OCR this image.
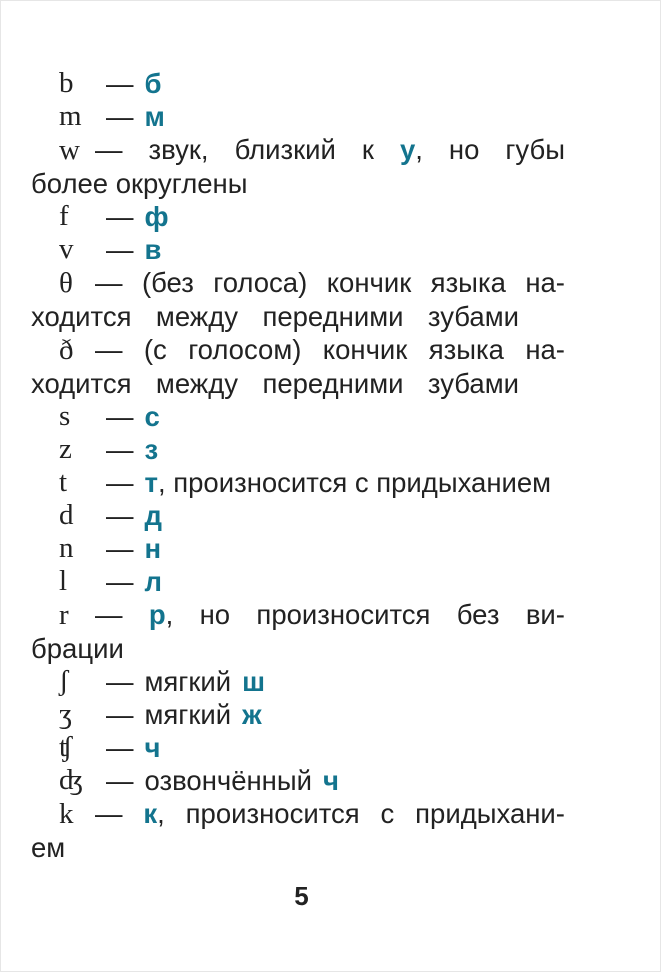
b	— б
m — м
w — звук, близкий к у, но губы
более округлены
f	— ф
v	— в
θ — (без голоса) кончик языка на-
ходится между передними зубами
ð — (с голосом) кончик языка на-
ходится между передними зубами
s	— с
z	— з
t	— т, произносится с придыханием
d	— д
n	— н
l	— л
r — р, но произносится без ви-
брации
ʃ	— мягкий ш
ʒ	— мягкий ж
ʧ	— ч
ʤ — озвончённый ч
k — к, произносится с придыхани-
ем
5
